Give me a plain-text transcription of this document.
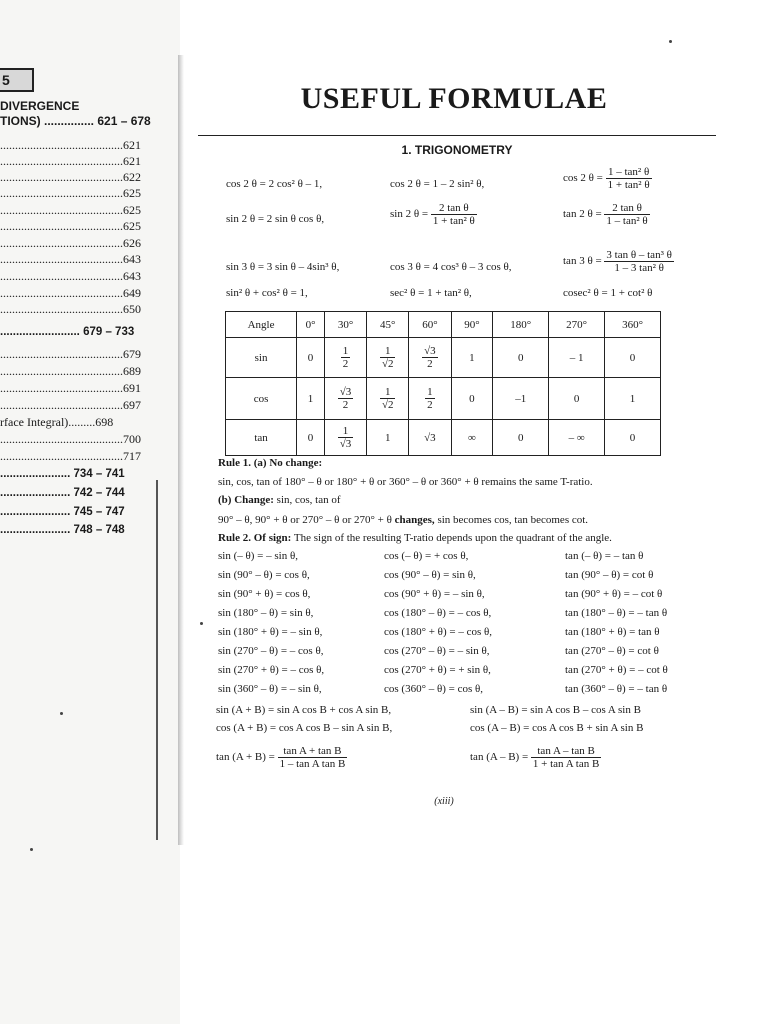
5
DIVERGENCE
TIONS) ............... 621 – 678
.........................................621
.........................................621
.........................................622
.........................................625
.........................................625
.........................................625
.........................................626
.........................................643
.........................................643
.........................................649
.........................................650
......................... 679 – 733
.........................................679
.........................................689
.........................................691
.........................................697
rface Integral).........698
.........................................700
.........................................717
...................... 734 – 741
...................... 742 – 744
...................... 745 – 747
...................... 748 – 748
USEFUL FORMULAE
1. TRIGONOMETRY
cos 2 θ = 2 cos² θ – 1,	cos 2 θ = 1 – 2 sin² θ,	cos 2 $\theta = \frac{\text{1 – tan² θ}}{\text{1 + tan² θ}}$
sin 2 θ = 2 sin θ cos θ,	sin 2 $\theta = \frac{\text{2 tan θ}}{\text{1 + tan² θ}}$	tan 2 $\theta = \frac{\text{2 tan θ}}{\text{1 – tan² θ}}$
sin 3 θ = 3 sin θ – 4sin³ θ,	cos 3 θ = 4 cos³ θ – 3 cos θ,	tan 3 $\theta = \frac{\text{3 tan θ – tan³ θ}}{\text{1 – 3 tan² θ}}$
sin² θ + cos² θ = 1,	sec² θ = 1 + tan² θ,	cosec² θ = 1 + cot² θ
Angle	0°	30°	45°	60°	90°	180°	270°	360°
sin	0	$\frac{1}{2}$	$\frac{1}{√2}$	$\frac{√3}{2}$	1	0	– 1	0
cos	1	$\frac{√3}{2}$	$\frac{1}{√2}$	$\frac{1}{2}$	0	–1	0	1
tan	0	$\frac{1}{√3}$	1	√3	∞	0	– ∞	0
Rule 1. (a) No change:
sin, cos, tan of 180° – θ or 180° + θ or 360° – θ or 360° + θ remains the same T-ratio.
(b) Change: sin, cos, tan of
90° – θ, 90° + θ or 270° – θ or 270° + θ changes, sin becomes cos, tan becomes cot.
Rule 2. Of sign: The sign of the resulting T-ratio depends upon the quadrant of the angle.
sin (– θ) = – sin θ,	cos (– θ) = + cos θ,	tan (– θ) = – tan θ
sin (90° – θ) = cos θ,	cos (90° – θ) = sin θ,	tan (90° – θ) = cot θ
sin (90° + θ) = cos θ,	cos (90° + θ) = – sin θ,	tan (90° + θ) = – cot θ
sin (180° – θ) = sin θ,	cos (180° – θ) = – cos θ,	tan (180° – θ) = – tan θ
sin (180° + θ) = – sin θ,	cos (180° + θ) = – cos θ,	tan (180° + θ) = tan θ
sin (270° – θ) = – cos θ,	cos (270° – θ) = – sin θ,	tan (270° – θ) = cot θ
sin (270° + θ) = – cos θ,	cos (270° + θ) = + sin θ,	tan (270° + θ) = – cot θ
sin (360° – θ) = – sin θ,	cos (360° – θ) = cos θ,	tan (360° – θ) = – tan θ
sin (A + B) = sin A cos B + cos A sin B,	sin (A – B) = sin A cos B – cos A sin B
cos (A + B) = cos A cos B – sin A sin B,	cos (A – B) = cos A cos B + sin A sin B
$\tan (A + B) = \frac{\text{tan A + tan B}}{\text{1 – tan A tan B}}$	$\tan (A - B) = \frac{\text{tan A – tan B}}{\text{1 + tan A tan B}}$
(xiii)
